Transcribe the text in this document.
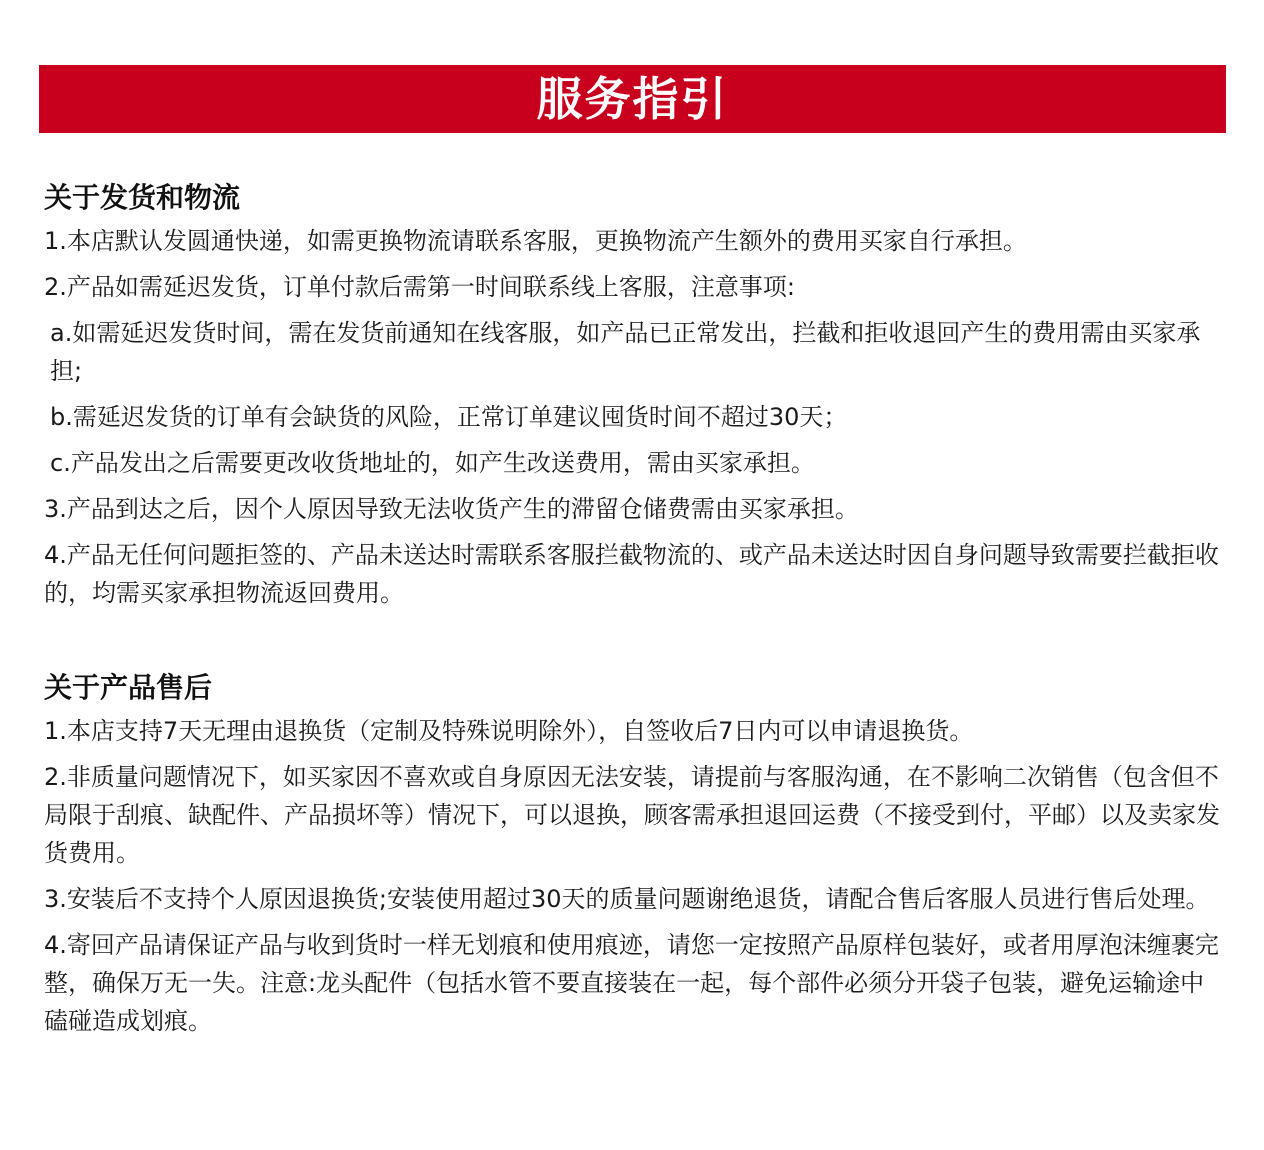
服务指引
关于发货和物流
1.本店默认发圆通快递，如需更换物流请联系客服，更换物流产生额外的费用买家自行承担。
2.产品如需延迟发货，订单付款后需第一时间联系线上客服，注意事项:
a.如需延迟发货时间，需在发货前通知在线客服，如产品已正常发出，拦截和拒收退回产生的费用需由买家承担;
b.需延迟发货的订单有会缺货的风险，正常订单建议囤货时间不超过30天；
c.产品发出之后需要更改收货地址的，如产生改送费用，需由买家承担。
3.产品到达之后，因个人原因导致无法收货产生的滞留仓储费需由买家承担。
4.产品无任何问题拒签的、产品未送达时需联系客服拦截物流的、或产品未送达时因自身问题导致需要拦截拒收的，均需买家承担物流返回费用。
关于产品售后
1.本店支持7天无理由退换货（定制及特殊说明除外），自签收后7日内可以申请退换货。
2.非质量问题情况下，如买家因不喜欢或自身原因无法安装，请提前与客服沟通，在不影响二次销售（包含但不局限于刮痕、缺配件、产品损坏等）情况下，可以退换，顾客需承担退回运费（不接受到付，平邮）以及卖家发货费用。
3.安装后不支持个人原因退换货;安装使用超过30天的质量问题谢绝退货，请配合售后客服人员进行售后处理。
4.寄回产品请保证产品与收到货时一样无划痕和使用痕迹，请您一定按照产品原样包装好，或者用厚泡沫缠裹完整，确保万无一失。注意:龙头配件（包括水管不要直接装在一起，每个部件必须分开袋子包装，避免运输途中磕碰造成划痕。
